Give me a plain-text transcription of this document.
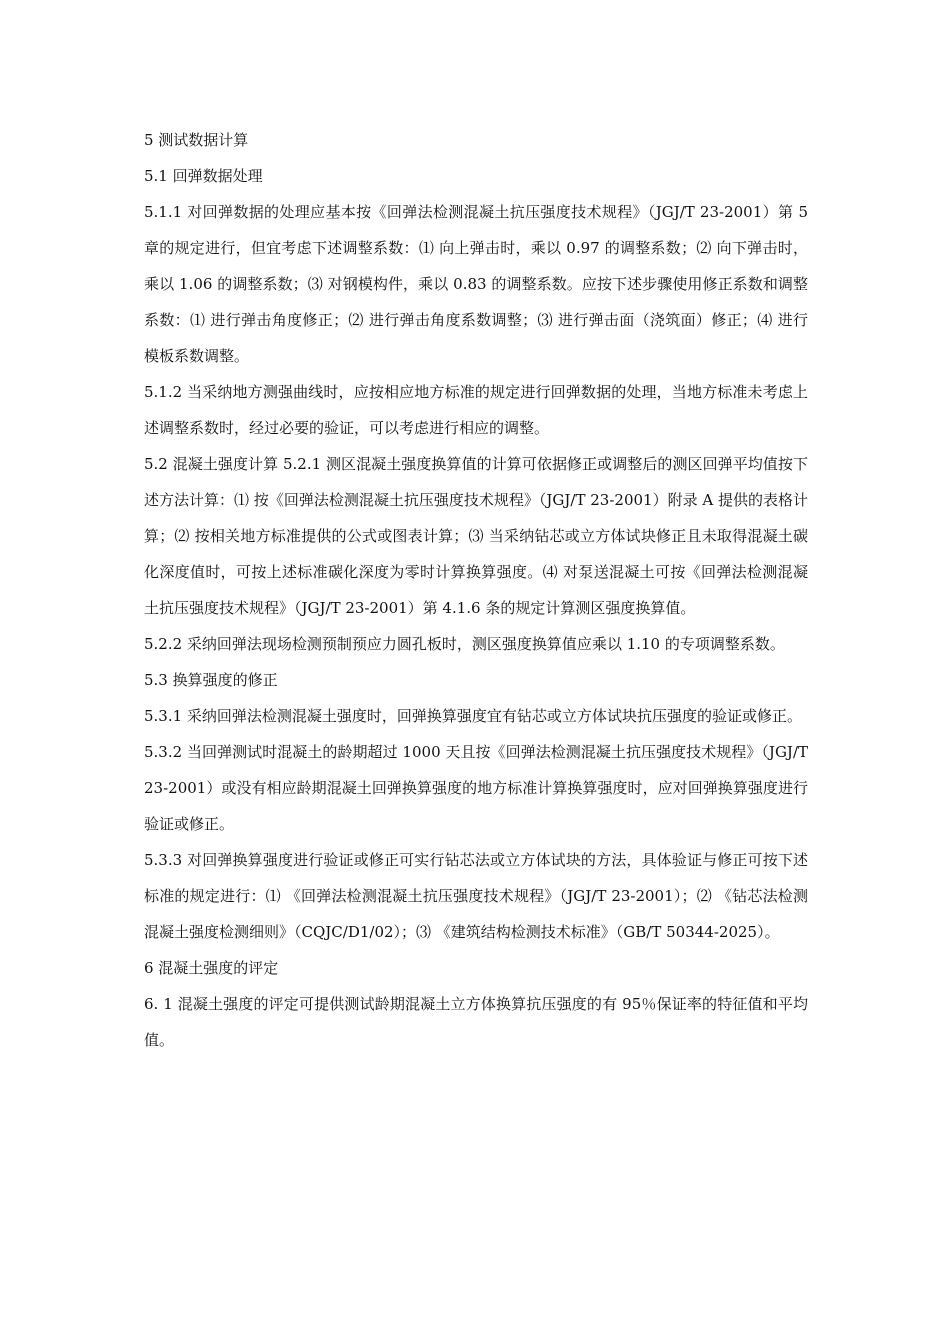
5 测试数据计算

5.1 回弹数据处理

5.1.1 对回弹数据的处理应基本按《回弹法检测混凝土抗压强度技术规程》（JGJ/T 23-2001）第 5 章的规定进行，但宜考虑下述调整系数：⑴ 向上弹击时，乘以 0.97 的调整系数；⑵ 向下弹击时，乘以 1.06 的调整系数；⑶ 对钢模构件，乘以 0.83 的调整系数。应按下述步骤使用修正系数和调整系数：⑴ 进行弹击角度修正；⑵ 进行弹击角度系数调整；⑶ 进行弹击面（浇筑面）修正；⑷ 进行模板系数调整。

5.1.2 当采纳地方测强曲线时，应按相应地方标准的规定进行回弹数据的处理，当地方标准未考虑上述调整系数时，经过必要的验证，可以考虑进行相应的调整。

5.2 混凝土强度计算 5.2.1 测区混凝土强度换算值的计算可依据修正或调整后的测区回弹平均值按下述方法计算：⑴ 按《回弹法检测混凝土抗压强度技术规程》（JGJ/T 23-2001）附录 A 提供的表格计算；⑵ 按相关地方标准提供的公式或图表计算；⑶ 当采纳钻芯或立方体试块修正且未取得混凝土碳化深度值时，可按上述标准碳化深度为零时计算换算强度。⑷ 对泵送混凝土可按《回弹法检测混凝土抗压强度技术规程》（JGJ/T 23-2001）第 4.1.6 条的规定计算测区强度换算值。

5.2.2 采纳回弹法现场检测预制预应力圆孔板时，测区强度换算值应乘以 1.10 的专项调整系数。

5.3 换算强度的修正

5.3.1 采纳回弹法检测混凝土强度时，回弹换算强度宜有钻芯或立方体试块抗压强度的验证或修正。

5.3.2 当回弹测试时混凝土的龄期超过 1000 天且按《回弹法检测混凝土抗压强度技术规程》（JGJ/T 23-2001）或没有相应龄期混凝土回弹换算强度的地方标准计算换算强度时，应对回弹换算强度进行验证或修正。

5.3.3 对回弹换算强度进行验证或修正可实行钻芯法或立方体试块的方法，具体验证与修正可按下述标准的规定进行：⑴ 《回弹法检测混凝土抗压强度技术规程》（JGJ/T 23-2001）；⑵ 《钻芯法检测混凝土强度检测细则》（CQJC/D1/02）；⑶ 《建筑结构检测技术标准》（GB/T 50344-2025）。

6 混凝土强度的评定

6. 1 混凝土强度的评定可提供测试龄期混凝土立方体换算抗压强度的有 95％保证率的特征值和平均值。
